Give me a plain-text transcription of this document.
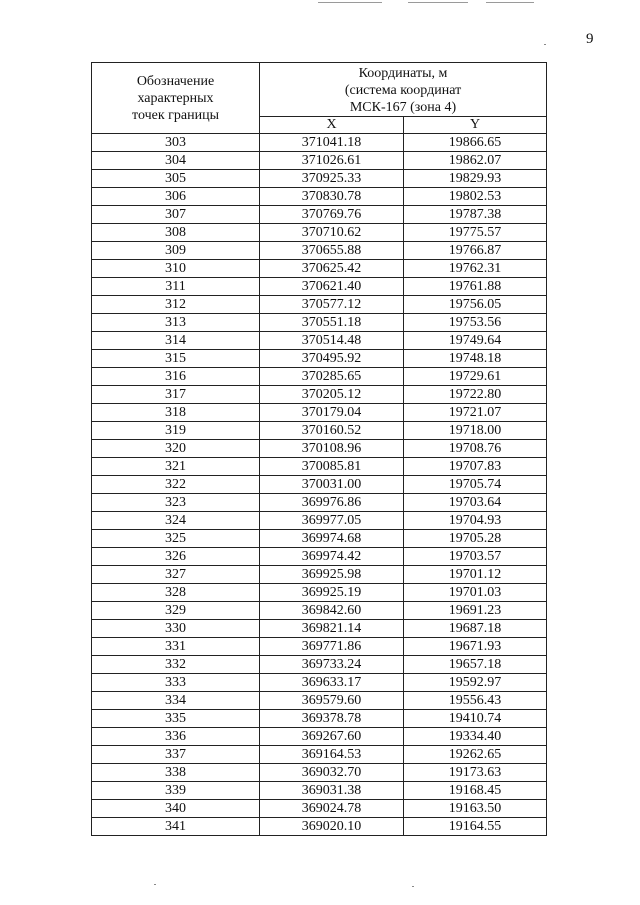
9
Обозначение характерных точек границы	Координаты, м
(система координат
МСК-167 (зона 4)	

	X	Y
303	371041.18	19866.65
304	371026.61	19862.07
305	370925.33	19829.93
306	370830.78	19802.53
307	370769.76	19787.38
308	370710.62	19775.57
309	370655.88	19766.87
310	370625.42	19762.31
311	370621.40	19761.88
312	370577.12	19756.05
313	370551.18	19753.56
314	370514.48	19749.64
315	370495.92	19748.18
316	370285.65	19729.61
317	370205.12	19722.80
318	370179.04	19721.07
319	370160.52	19718.00
320	370108.96	19708.76
321	370085.81	19707.83
322	370031.00	19705.74
323	369976.86	19703.64
324	369977.05	19704.93
325	369974.68	19705.28
326	369974.42	19703.57
327	369925.98	19701.12
328	369925.19	19701.03
329	369842.60	19691.23
330	369821.14	19687.18
331	369771.86	19671.93
332	369733.24	19657.18
333	369633.17	19592.97
334	369579.60	19556.43
335	369378.78	19410.74
336	369267.60	19334.40
337	369164.53	19262.65
338	369032.70	19173.63
339	369031.38	19168.45
340	369024.78	19163.50
341	369020.10	19164.55
